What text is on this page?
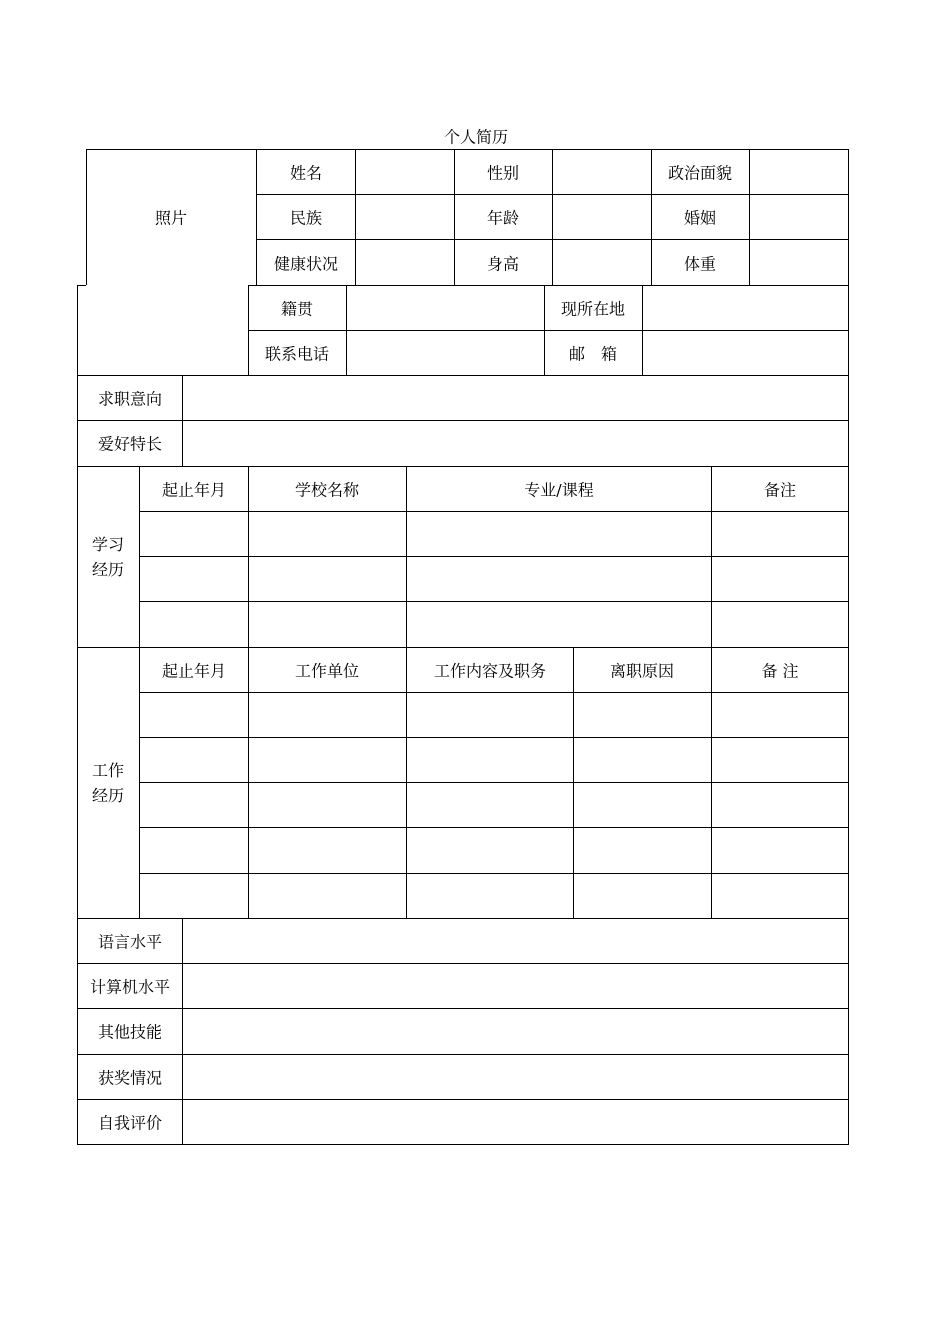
个人简历
照片
姓名	性别	政治面貌
民族	年龄	婚姻
健康状况	身高	体重
籍贯	现所在地
联系电话	邮　箱
求职意向
爱好特长
学习
经历
起止年月	学校名称	专业/课程	备注
工作
经历
起止年月	工作单位	工作内容及职务	离职原因	备 注
语言水平
计算机水平
其他技能
获奖情况
自我评价
